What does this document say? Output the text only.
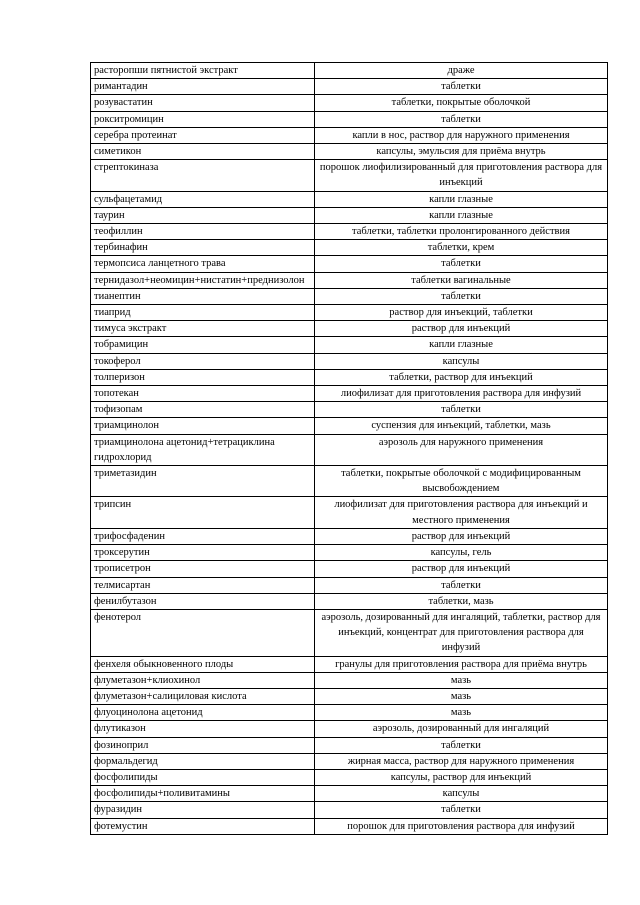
расторопши пятнистой экстракт	драже
римантадин	таблетки
розувастатин	таблетки, покрытые оболочкой
рокситромицин	таблетки
серебра протеинат	капли в нос, раствор для наружного применения
симетикон	капсулы, эмульсия для приёма внутрь
стрептокиназа	порошок лиофилизированный для приготовления раствора для инъекций
сульфацетамид	капли глазные
таурин	капли глазные
теофиллин	таблетки, таблетки пролонгированного действия
тербинафин	таблетки, крем
термопсиса ланцетного трава	таблетки
тернидазол+неомицин+нистатин+преднизолон	таблетки вагинальные
тианептин	таблетки
тиаприд	раствор для инъекций, таблетки
тимуса экстракт	раствор для инъекций
тобрамицин	капли глазные
токоферол	капсулы
толперизон	таблетки, раствор для инъекций
топотекан	лиофилизат для приготовления раствора для инфузий
тофизопам	таблетки
триамцинолон	суспензия для инъекций, таблетки, мазь
триамцинолона ацетонид+тетрациклина гидрохлорид	аэрозоль для наружного применения
триметазидин	таблетки, покрытые оболочкой с модифицированным высвобождением
трипсин	лиофилизат для приготовления раствора для инъекций и местного применения
трифосфаденин	раствор для инъекций
троксерутин	капсулы, гель
трописетрон	раствор для инъекций
телмисартан	таблетки
фенилбутазон	таблетки, мазь
фенотерол	аэрозоль, дозированный для ингаляций, таблетки, раствор для инъекций, концентрат для приготовления раствора для инфузий
фенхеля обыкновенного плоды	гранулы для приготовления раствора для приёма внутрь
флуметазон+клиохинол	мазь
флуметазон+салициловая кислота	мазь
флуоцинолона ацетонид	мазь
флутиказон	аэрозоль, дозированный для ингаляций
фозиноприл	таблетки
формальдегид	жирная масса, раствор для наружного применения
фосфолипиды	капсулы, раствор для инъекций
фосфолипиды+поливитамины	капсулы
фуразидин	таблетки
фотемустин	порошок для приготовления раствора для инфузий
